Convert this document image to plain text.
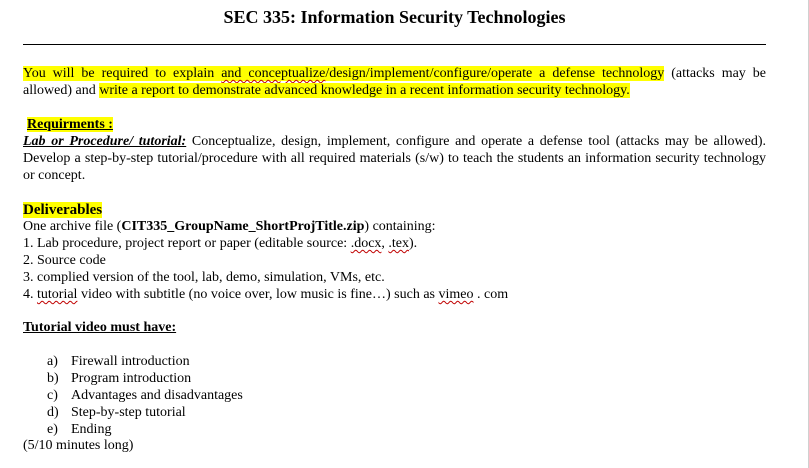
SEC 335: Information Security Technologies

You will be required to explain and conceptualize/design/implement/configure/operate a defense technology (attacks may be allowed) and write a report to demonstrate advanced knowledge in a recent information security technology.

Requirments :

Lab or Procedure/ tutorial: Conceptualize, design, implement, configure and operate a defense tool (attacks may be allowed). Develop a step-by-step tutorial/procedure with all required materials (s/w) to teach the students an information security technology or concept.

Deliverables
One archive file (CIT335_GroupName_ShortProjTitle.zip) containing:
1. Lab procedure, project report or paper (editable source: .docx, .tex).
2. Source code
3. complied version of the tool, lab, demo, simulation, VMs, etc.
4. tutorial video with subtitle (no voice over, low music is fine…) such as vimeo . com
Tutorial video must have:
a) Firewall introduction
b) Program introduction
c) Advantages and disadvantages
d) Step-by-step tutorial
e) Ending
(5/10 minutes long)
